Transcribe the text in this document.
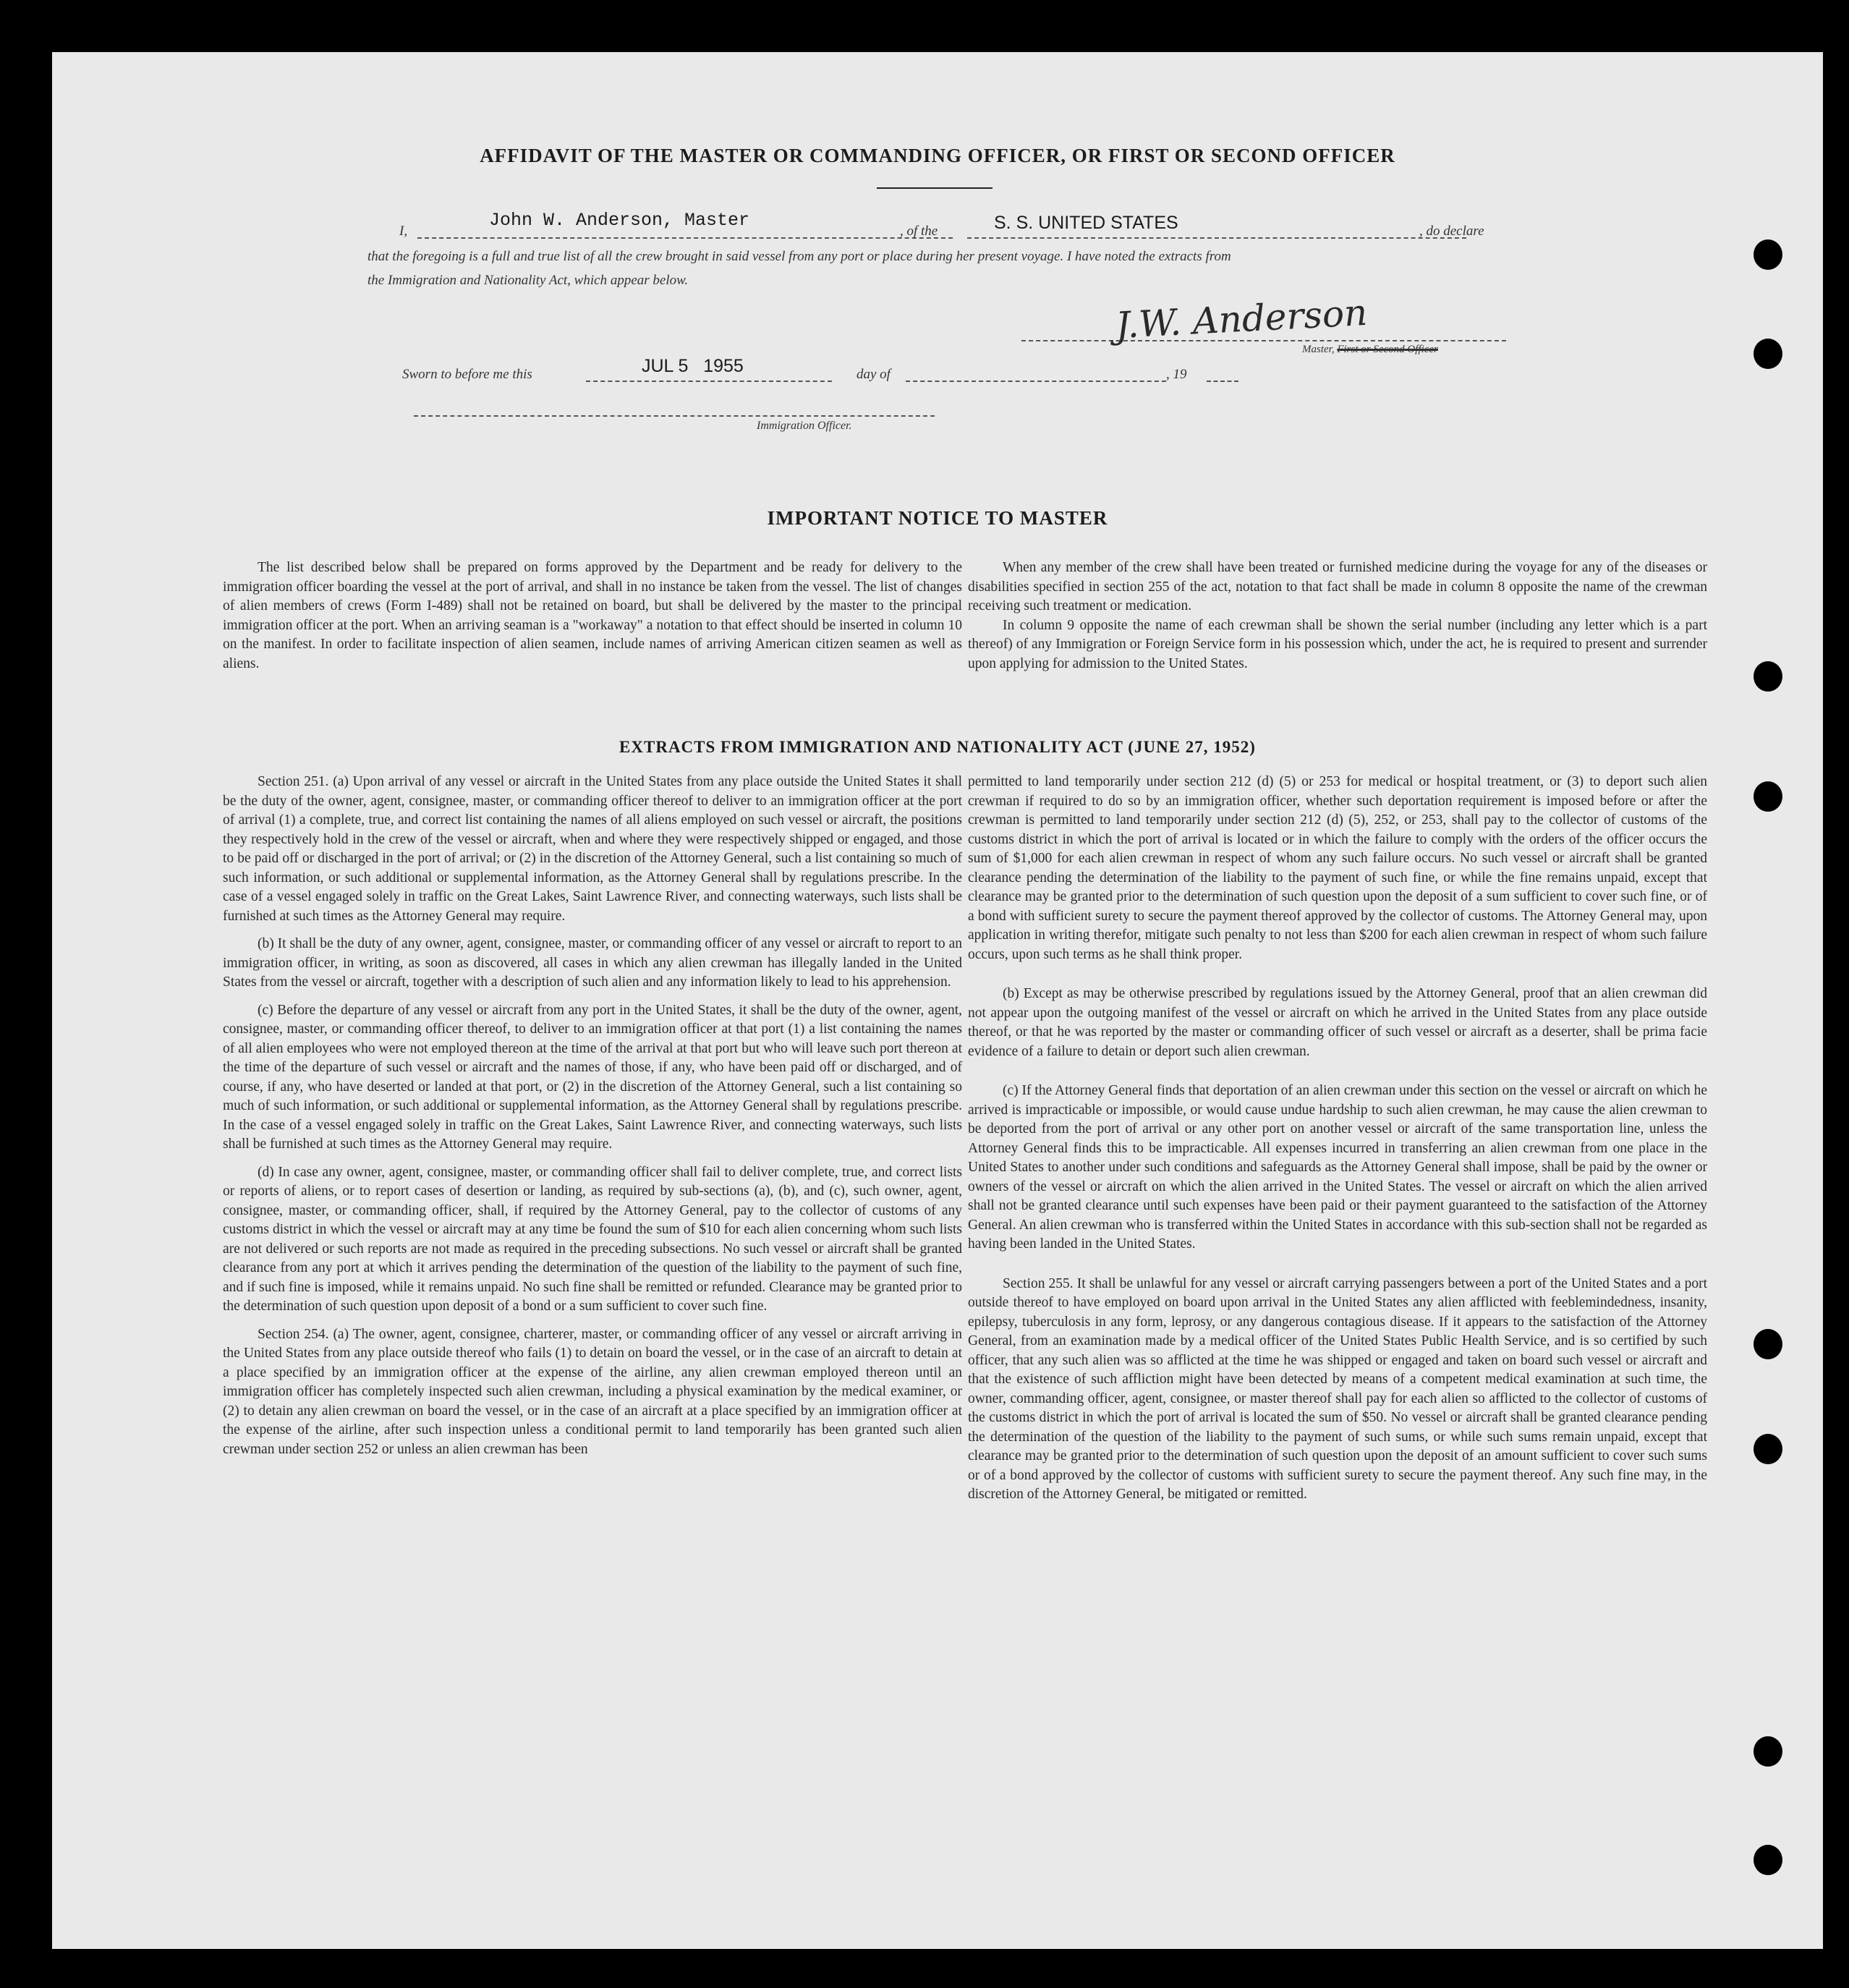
AFFIDAVIT OF THE MASTER OR COMMANDING OFFICER, OR FIRST OR SECOND OFFICER
I,
John W. Anderson, Master
, of the	S. S. UNITED STATES	, do declare
that the foregoing is a full and true list of all the crew brought in said vessel from any port or place during her present voyage. I have noted the extracts from
the Immigration and Nationality Act, which appear below.
J.W. Anderson
Master, First or Second Officer
Sworn to before me this	JUL 5   1955	day of	, 19
Immigration Officer.
IMPORTANT NOTICE TO MASTER

The list described below shall be prepared on forms approved by the Department and be ready for delivery to the immigration officer boarding the vessel at the port of arrival, and shall in no instance be taken from the vessel. The list of changes of alien members of crews (Form I-489) shall not be retained on board, but shall be delivered by the master to the principal immigration officer at the port. When an arriving seaman is a "workaway" a notation to that effect should be inserted in column 10 on the manifest. In order to facilitate inspection of alien seamen, include names of arriving American citizen seamen as well as aliens.

When any member of the crew shall have been treated or furnished medicine during the voyage for any of the diseases or disabilities specified in section 255 of the act, notation to that fact shall be made in column 8 opposite the name of the crewman receiving such treatment or medication.

In column 9 opposite the name of each crewman shall be shown the serial number (including any letter which is a part thereof) of any Immigration or Foreign Service form in his possession which, under the act, he is required to present and surrender upon applying for admission to the United States.

EXTRACTS FROM IMMIGRATION AND NATIONALITY ACT (JUNE 27, 1952)

Section 251. (a) Upon arrival of any vessel or aircraft in the United States from any place outside the United States it shall be the duty of the owner, agent, consignee, master, or commanding officer thereof to deliver to an immigration officer at the port of arrival (1) a complete, true, and correct list containing the names of all aliens employed on such vessel or aircraft, the positions they respectively hold in the crew of the vessel or aircraft, when and where they were respectively shipped or engaged, and those to be paid off or discharged in the port of arrival; or (2) in the discretion of the Attorney General, such a list containing so much of such information, or such additional or supplemental information, as the Attorney General shall by regulations prescribe. In the case of a vessel engaged solely in traffic on the Great Lakes, Saint Lawrence River, and connecting waterways, such lists shall be furnished at such times as the Attorney General may require.

(b) It shall be the duty of any owner, agent, consignee, master, or commanding officer of any vessel or aircraft to report to an immigration officer, in writing, as soon as discovered, all cases in which any alien crewman has illegally landed in the United States from the vessel or aircraft, together with a description of such alien and any information likely to lead to his apprehension.

(c) Before the departure of any vessel or aircraft from any port in the United States, it shall be the duty of the owner, agent, consignee, master, or commanding officer thereof, to deliver to an immigration officer at that port (1) a list containing the names of all alien employees who were not employed thereon at the time of the arrival at that port but who will leave such port thereon at the time of the departure of such vessel or aircraft and the names of those, if any, who have been paid off or discharged, and of course, if any, who have deserted or landed at that port, or (2) in the discretion of the Attorney General, such a list containing so much of such information, or such additional or supplemental information, as the Attorney General shall by regulations prescribe. In the case of a vessel engaged solely in traffic on the Great Lakes, Saint Lawrence River, and connecting waterways, such lists shall be furnished at such times as the Attorney General may require.

(d) In case any owner, agent, consignee, master, or commanding officer shall fail to deliver complete, true, and correct lists or reports of aliens, or to report cases of desertion or landing, as required by sub-sections (a), (b), and (c), such owner, agent, consignee, master, or commanding officer, shall, if required by the Attorney General, pay to the collector of customs of any customs district in which the vessel or aircraft may at any time be found the sum of $10 for each alien concerning whom such lists are not delivered or such reports are not made as required in the preceding subsections. No such vessel or aircraft shall be granted clearance from any port at which it arrives pending the determination of the question of the liability to the payment of such fine, and if such fine is imposed, while it remains unpaid. No such fine shall be remitted or refunded. Clearance may be granted prior to the determination of such question upon deposit of a bond or a sum sufficient to cover such fine.

Section 254. (a) The owner, agent, consignee, charterer, master, or commanding officer of any vessel or aircraft arriving in the United States from any place outside thereof who fails (1) to detain on board the vessel, or in the case of an aircraft to detain at a place specified by an immigration officer at the expense of the airline, any alien crewman employed thereon until an immigration officer has completely inspected such alien crewman, including a physical examination by the medical examiner, or (2) to detain any alien crewman on board the vessel, or in the case of an aircraft at a place specified by an immigration officer at the expense of the airline, after such inspection unless a conditional permit to land temporarily has been granted such alien crewman under section 252 or unless an alien crewman has been

permitted to land temporarily under section 212 (d) (5) or 253 for medical or hospital treatment, or (3) to deport such alien crewman if required to do so by an immigration officer, whether such deportation requirement is imposed before or after the crewman is permitted to land temporarily under section 212 (d) (5), 252, or 253, shall pay to the collector of customs of the customs district in which the port of arrival is located or in which the failure to comply with the orders of the officer occurs the sum of $1,000 for each alien crewman in respect of whom any such failure occurs. No such vessel or aircraft shall be granted clearance pending the determination of the liability to the payment of such fine, or while the fine remains unpaid, except that clearance may be granted prior to the determination of such question upon the deposit of a sum sufficient to cover such fine, or of a bond with sufficient surety to secure the payment thereof approved by the collector of customs. The Attorney General may, upon application in writing therefor, mitigate such penalty to not less than $200 for each alien crewman in respect of whom such failure occurs, upon such terms as he shall think proper.

(b) Except as may be otherwise prescribed by regulations issued by the Attorney General, proof that an alien crewman did not appear upon the outgoing manifest of the vessel or aircraft on which he arrived in the United States from any place outside thereof, or that he was reported by the master or commanding officer of such vessel or aircraft as a deserter, shall be prima facie evidence of a failure to detain or deport such alien crewman.

(c) If the Attorney General finds that deportation of an alien crewman under this section on the vessel or aircraft on which he arrived is impracticable or impossible, or would cause undue hardship to such alien crewman, he may cause the alien crewman to be deported from the port of arrival or any other port on another vessel or aircraft of the same transportation line, unless the Attorney General finds this to be impracticable. All expenses incurred in transferring an alien crewman from one place in the United States to another under such conditions and safeguards as the Attorney General shall impose, shall be paid by the owner or owners of the vessel or aircraft on which the alien arrived in the United States. The vessel or aircraft on which the alien arrived shall not be granted clearance until such expenses have been paid or their payment guaranteed to the satisfaction of the Attorney General. An alien crewman who is transferred within the United States in accordance with this sub-section shall not be regarded as having been landed in the United States.

Section 255. It shall be unlawful for any vessel or aircraft carrying passengers between a port of the United States and a port outside thereof to have employed on board upon arrival in the United States any alien afflicted with feeblemindedness, insanity, epilepsy, tuberculosis in any form, leprosy, or any dangerous contagious disease. If it appears to the satisfaction of the Attorney General, from an examination made by a medical officer of the United States Public Health Service, and is so certified by such officer, that any such alien was so afflicted at the time he was shipped or engaged and taken on board such vessel or aircraft and that the existence of such affliction might have been detected by means of a competent medical examination at such time, the owner, commanding officer, agent, consignee, or master thereof shall pay for each alien so afflicted to the collector of customs of the customs district in which the port of arrival is located the sum of $50. No vessel or aircraft shall be granted clearance pending the determination of the question of the liability to the payment of such sums, or while such sums remain unpaid, except that clearance may be granted prior to the determination of such question upon the deposit of an amount sufficient to cover such sums or of a bond approved by the collector of customs with sufficient surety to secure the payment thereof. Any such fine may, in the discretion of the Attorney General, be mitigated or remitted.
